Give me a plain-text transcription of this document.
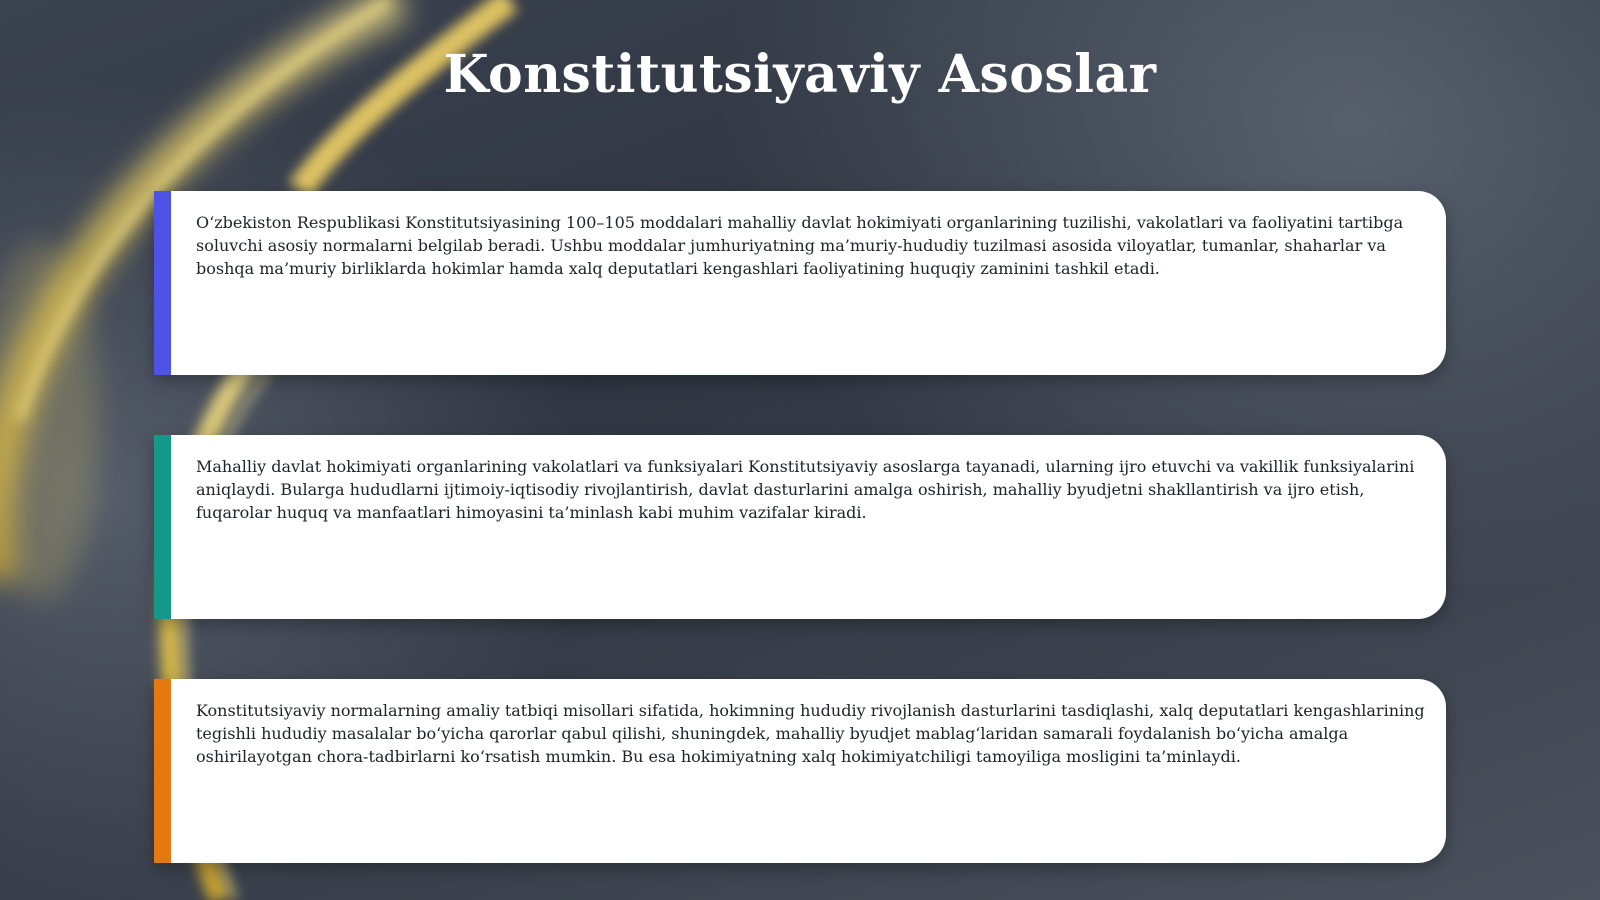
Konstitutsiyaviy Asoslar

O‘zbekiston Respublikasi Konstitutsiyasining 100–105 moddalari mahalliy davlat hokimiyati organlarining tuzilishi, vakolatlari va faoliyatini tartibga soluvchi asosiy normalarni belgilab beradi. Ushbu moddalar jumhuriyatning ma’muriy-hududiy tuzilmasi asosida viloyatlar, tumanlar, shaharlar va boshqa ma’muriy birliklarda hokimlar hamda xalq deputatlari kengashlari faoliyatining huquqiy zaminini tashkil etadi.

Mahalliy davlat hokimiyati organlarining vakolatlari va funksiyalari Konstitutsiyaviy asoslarga tayanadi, ularning ijro etuvchi va vakillik funksiyalarini aniqlaydi. Bularga hududlarni ijtimoiy-iqtisodiy rivojlantirish, davlat dasturlarini amalga oshirish, mahalliy byudjetni shakllantirish va ijro etish, fuqarolar huquq va manfaatlari himoyasini ta’minlash kabi muhim vazifalar kiradi.

Konstitutsiyaviy normalarning amaliy tatbiqi misollari sifatida, hokimning hududiy rivojlanish dasturlarini tasdiqlashi, xalq deputatlari kengashlarining tegishli hududiy masalalar bo‘yicha qarorlar qabul qilishi, shuningdek, mahalliy byudjet mablag‘laridan samarali foydalanish bo‘yicha amalga oshirilayotgan chora-tadbirlarni ko‘rsatish mumkin. Bu esa hokimiyatning xalq hokimiyatchiligi tamoyiliga mosligini ta’minlaydi.
